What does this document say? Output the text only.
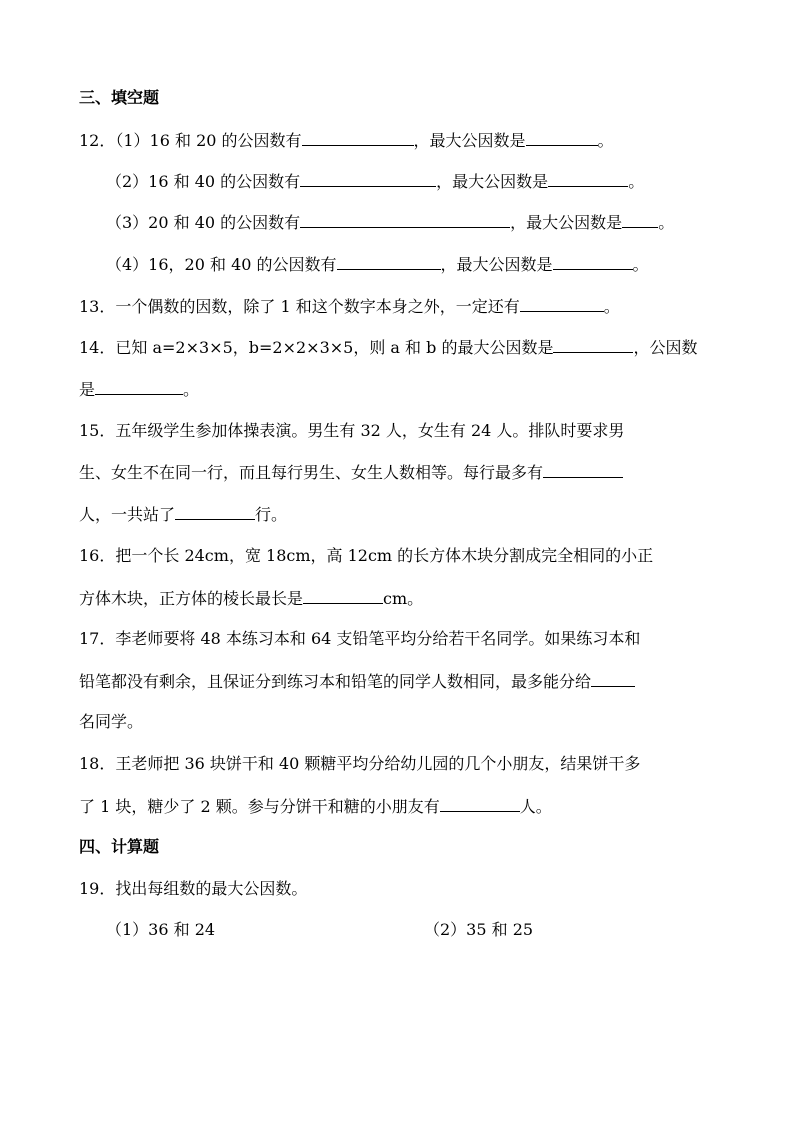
三、填空题
12．（1）16 和 20 的公因数有	，最大公因数是	。
（2）16 和 40 的公因数有	，最大公因数是	。
（3）20 和 40 的公因数有	，最大公因数是 。
（4）16，20 和 40 的公因数有	，最大公因数是	。
13．一个偶数的因数，除了 1 和这个数字本身之外，一定还有	。
14．已知 a=2×3×5，b=2×2×3×5，则 a 和 b 的最大公因数是	，公因数
是	。
15．五年级学生参加体操表演。男生有 32 人，女生有 24 人。排队时要求男
生、女生不在同一行，而且每行男生、女生人数相等。每行最多有
人，一共站了	行。
16．把一个长 24cm，宽 18cm，高 12cm 的长方体木块分割成完全相同的小正
方体木块，正方体的棱长最长是	cm。
17．李老师要将 48 本练习本和 64 支铅笔平均分给若干名同学。如果练习本和
铅笔都没有剩余，且保证分到练习本和铅笔的同学人数相同，最多能分给
名同学。
18．王老师把 36 块饼干和 40 颗糖平均分给幼儿园的几个小朋友，结果饼干多
了 1 块，糖少了 2 颗。参与分饼干和糖的小朋友有	人。
四、计算题
19．找出每组数的最大公因数。
（1）36 和 24	（2）35 和 25
